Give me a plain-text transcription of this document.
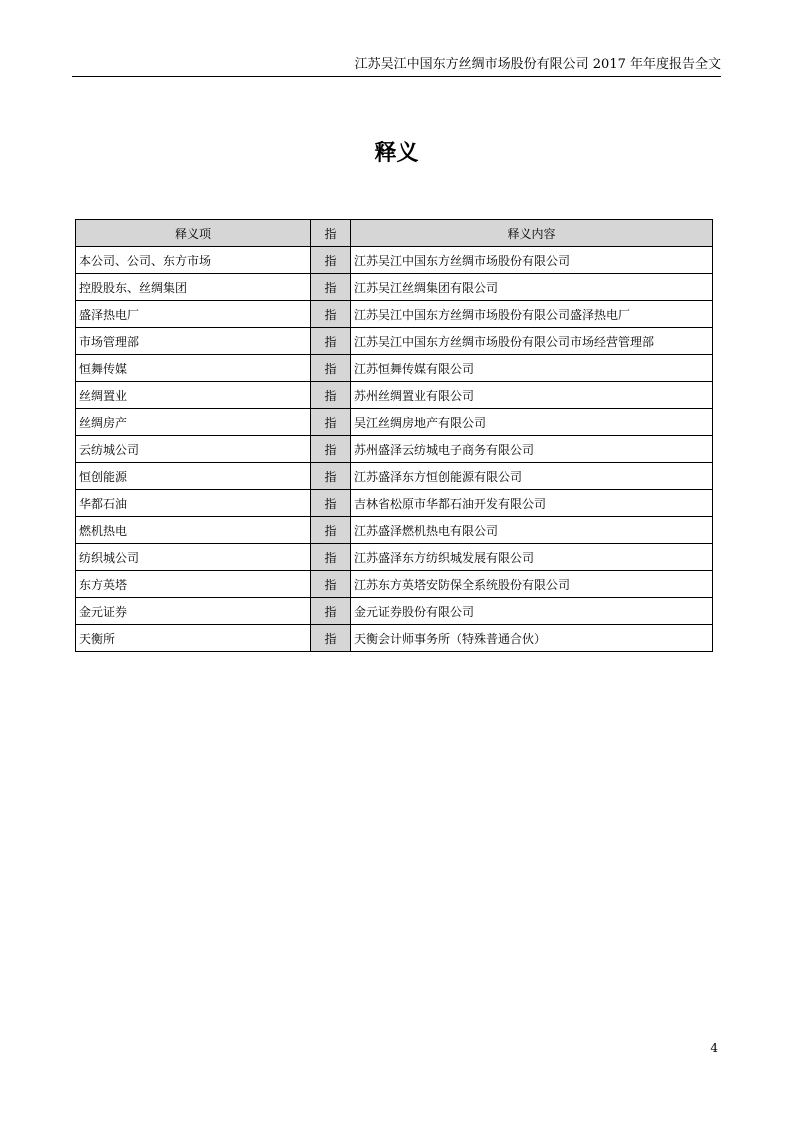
江苏吴江中国东方丝绸市场股份有限公司 2017 年年度报告全文
释义
释义项	指	释义内容
本公司、公司、东方市场	指	江苏吴江中国东方丝绸市场股份有限公司
控股股东、丝绸集团	指	江苏吴江丝绸集团有限公司
盛泽热电厂	指	江苏吴江中国东方丝绸市场股份有限公司盛泽热电厂
市场管理部	指	江苏吴江中国东方丝绸市场股份有限公司市场经营管理部
恒舞传媒	指	江苏恒舞传媒有限公司
丝绸置业	指	苏州丝绸置业有限公司
丝绸房产	指	吴江丝绸房地产有限公司
云纺城公司	指	苏州盛泽云纺城电子商务有限公司
恒创能源	指	江苏盛泽东方恒创能源有限公司
华都石油	指	吉林省松原市华都石油开发有限公司
燃机热电	指	江苏盛泽燃机热电有限公司
纺织城公司	指	江苏盛泽东方纺织城发展有限公司
东方英塔	指	江苏东方英塔安防保全系统股份有限公司
金元证券	指	金元证券股份有限公司
天衡所	指	天衡会计师事务所（特殊普通合伙）
4
